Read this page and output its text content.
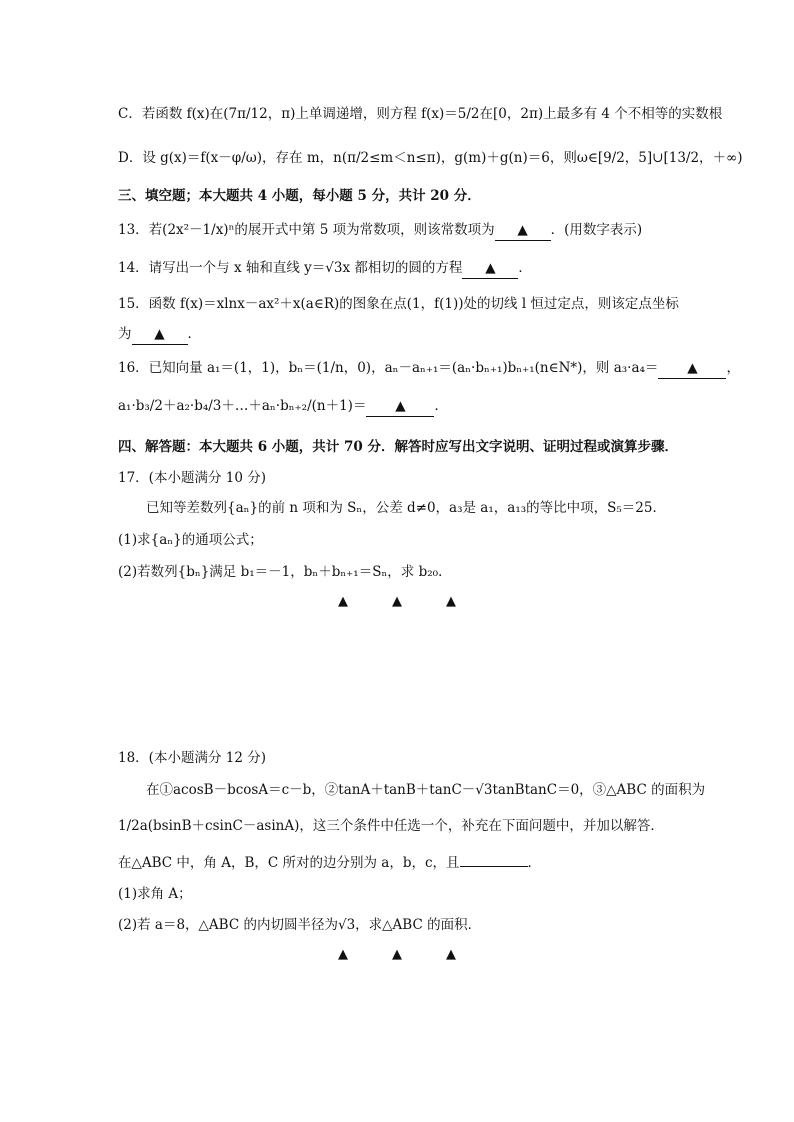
C．若函数 f(x)在(7π/12，π)上单调递增，则方程 f(x)＝5/2在[0，2π)上最多有 4 个不相等的实数根
D．设 g(x)＝f(x－φ/ω)，存在 m，n(π/2≤m＜n≤π)，g(m)＋g(n)＝6，则ω∈[9/2，5]∪[13/2，＋∞)
三、填空题；本大题共 4 小题，每小题 5 分，共计 20 分．
13．若(2x²－1/x)ⁿ的展开式中第 5 项为常数项，则该常数项为 ▲ ．(用数字表示)
14．请写出一个与 x 轴和直线 y＝√3x 都相切的圆的方程 ▲ ．
15．函数 f(x)＝xlnx－ax²＋x(a∈R)的图象在点(1，f(1))处的切线 l 恒过定点，则该定点坐标
为 ▲ ．
16．已知向量 a₁＝(1，1)，bₙ＝(1/n，0)，aₙ－aₙ₊₁＝(aₙ·bₙ₊₁)bₙ₊₁(n∈N*)，则 a₃·a₄＝ ▲ ，
a₁·b₃/2＋a₂·b₄/3＋…＋aₙ·bₙ₊₂/(n＋1)＝ ▲ ．
四、解答题：本大题共 6 小题，共计 70 分．解答时应写出文字说明、证明过程或演算步骤．
17．(本小题满分 10 分)
已知等差数列{aₙ}的前 n 项和为 Sₙ，公差 d≠0，a₃是 a₁，a₁₃的等比中项，S₅＝25．
(1)求{aₙ}的通项公式；
(2)若数列{bₙ}满足 b₁＝－1，bₙ＋bₙ₊₁＝Sₙ，求 b₂₀．
▲	▲	▲
18．(本小题满分 12 分)
在①acosB－bcosA＝c－b，②tanA＋tanB＋tanC－√3tanBtanC＝0，③△ABC 的面积为
1/2a(bsinB＋csinC－asinA)，这三个条件中任选一个，补充在下面问题中，并加以解答．
在△ABC 中，角 A，B，C 所对的边分别为 a，b，c，且	．
(1)求角 A；
(2)若 a＝8，△ABC 的内切圆半径为√3，求△ABC 的面积．
▲	▲	▲
